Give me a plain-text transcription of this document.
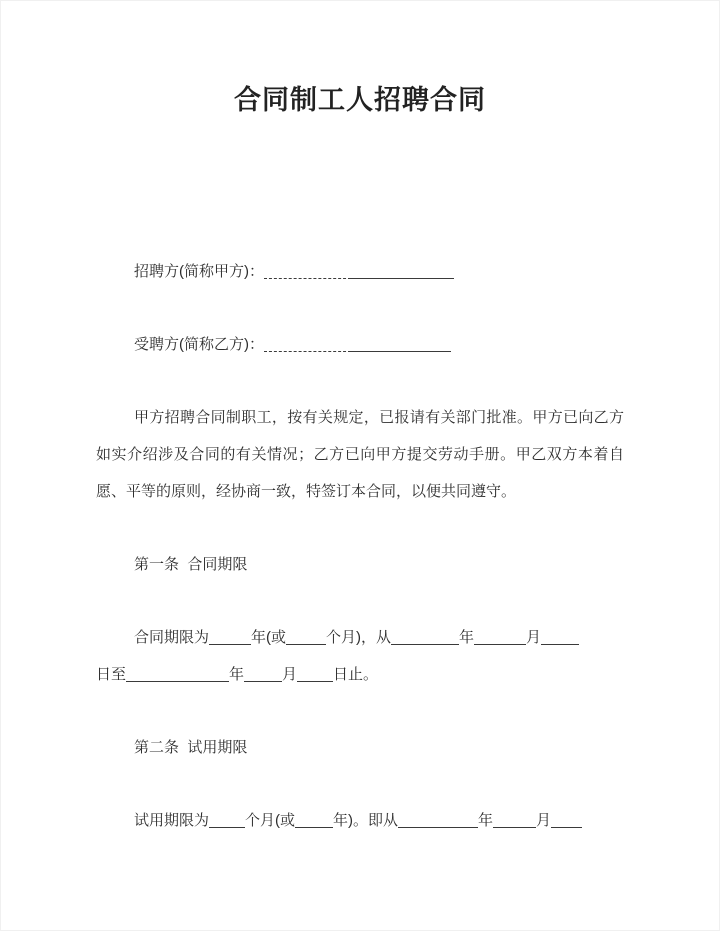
合同制工人招聘合同

招聘方(简称甲方)：

受聘方(简称乙方)：

甲方招聘合同制职工，按有关规定，已报请有关部门批准。甲方已向乙方如实介绍涉及合同的有关情况；乙方已向甲方提交劳动手册。甲乙双方本着自愿、平等的原则，经协商一致，特签订本合同，以便共同遵守。

第一条  合同期限

合同期限为	年(或	个月)，从	年	月

日至	年	月 日止。

第二条  试用期限

试用期限为 个月(或	年)。即从	年	月
